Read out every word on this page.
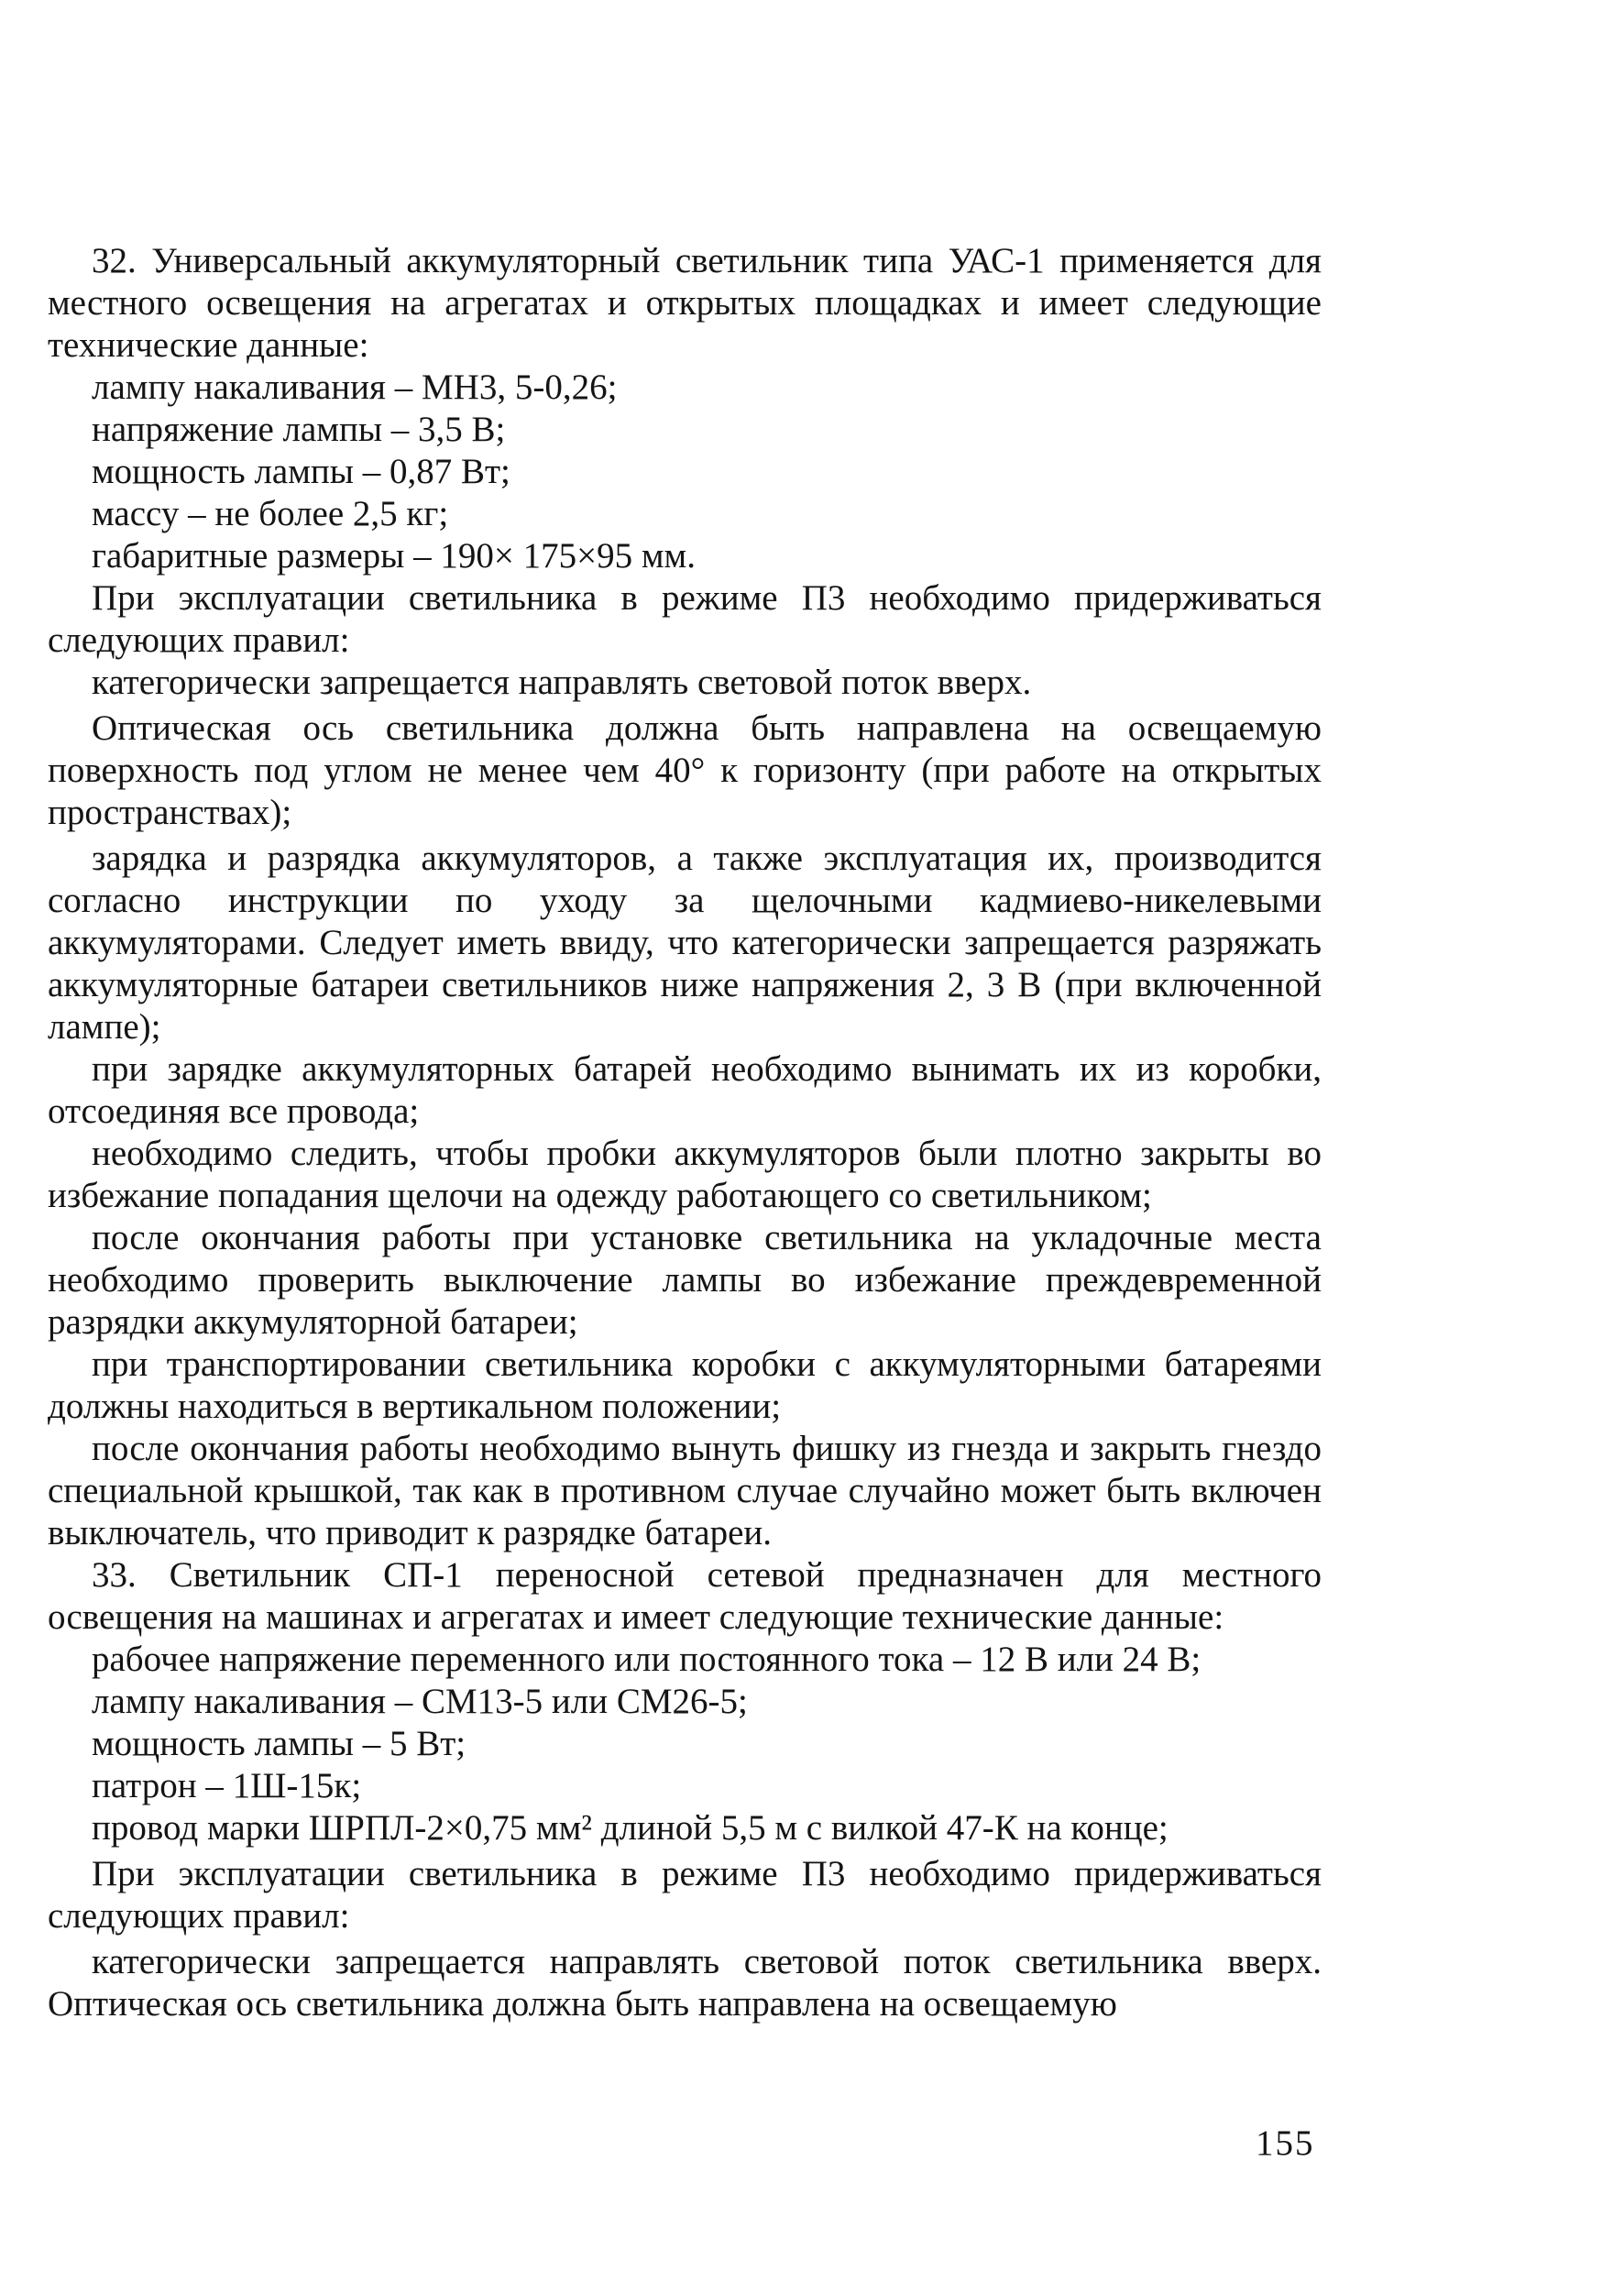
32. Универсальный аккумуляторный светильник типа УАС-1 применяется для местного освещения на агрегатах и открытых площадках и имеет следующие технические данные:

лампу накаливания – МН3, 5-0,26;

напряжение лампы – 3,5 В;

мощность лампы – 0,87 Вт;

массу – не более 2,5 кг;

габаритные размеры – 190× 175×95 мм.

При эксплуатации светильника в режиме П3 необходимо придерживаться следующих правил:

категорически запрещается направлять световой поток вверх.

Оптическая ось светильника должна быть направлена на освещаемую поверхность под углом не менее чем 40° к горизонту (при работе на открытых пространствах);

зарядка и разрядка аккумуляторов, а также эксплуатация их, производится согласно инструкции по уходу за щелочными кадмиево-никелевыми аккумуляторами. Следует иметь ввиду, что категорически запрещается разряжать аккумуляторные батареи светильников ниже напряжения 2, 3 В (при включенной лампе);

при зарядке аккумуляторных батарей необходимо вынимать их из коробки, отсоединяя все провода;

необходимо следить, чтобы пробки аккумуляторов были плотно закрыты во избежание попадания щелочи на одежду работающего со светильником;

после окончания работы при установке светильника на укладочные места необходимо проверить выключение лампы во избежание преждевременной разрядки аккумуляторной батареи;

при транспортировании светильника коробки с аккумуляторными батареями должны находиться в вертикальном положении;

после окончания работы необходимо вынуть фишку из гнезда и закрыть гнездо специальной крышкой, так как в противном случае случайно может быть включен выключатель, что приводит к разрядке батареи.

33. Светильник СП-1 переносной сетевой предназначен для местного освещения на машинах и агрегатах и имеет следующие технические данные:

рабочее напряжение переменного или постоянного тока – 12 В или 24 В;

лампу накаливания – СМ13-5 или СМ26-5;

мощность лампы – 5 Вт;

патрон – 1Ш-15к;

провод марки ШРПЛ-2×0,75 мм² длиной 5,5 м с вилкой 47-К на конце;

При эксплуатации светильника в режиме П3 необходимо придерживаться следующих правил:

категорически запрещается направлять световой поток светильника вверх. Оптическая ось светильника должна быть направлена на освещаемую

155
